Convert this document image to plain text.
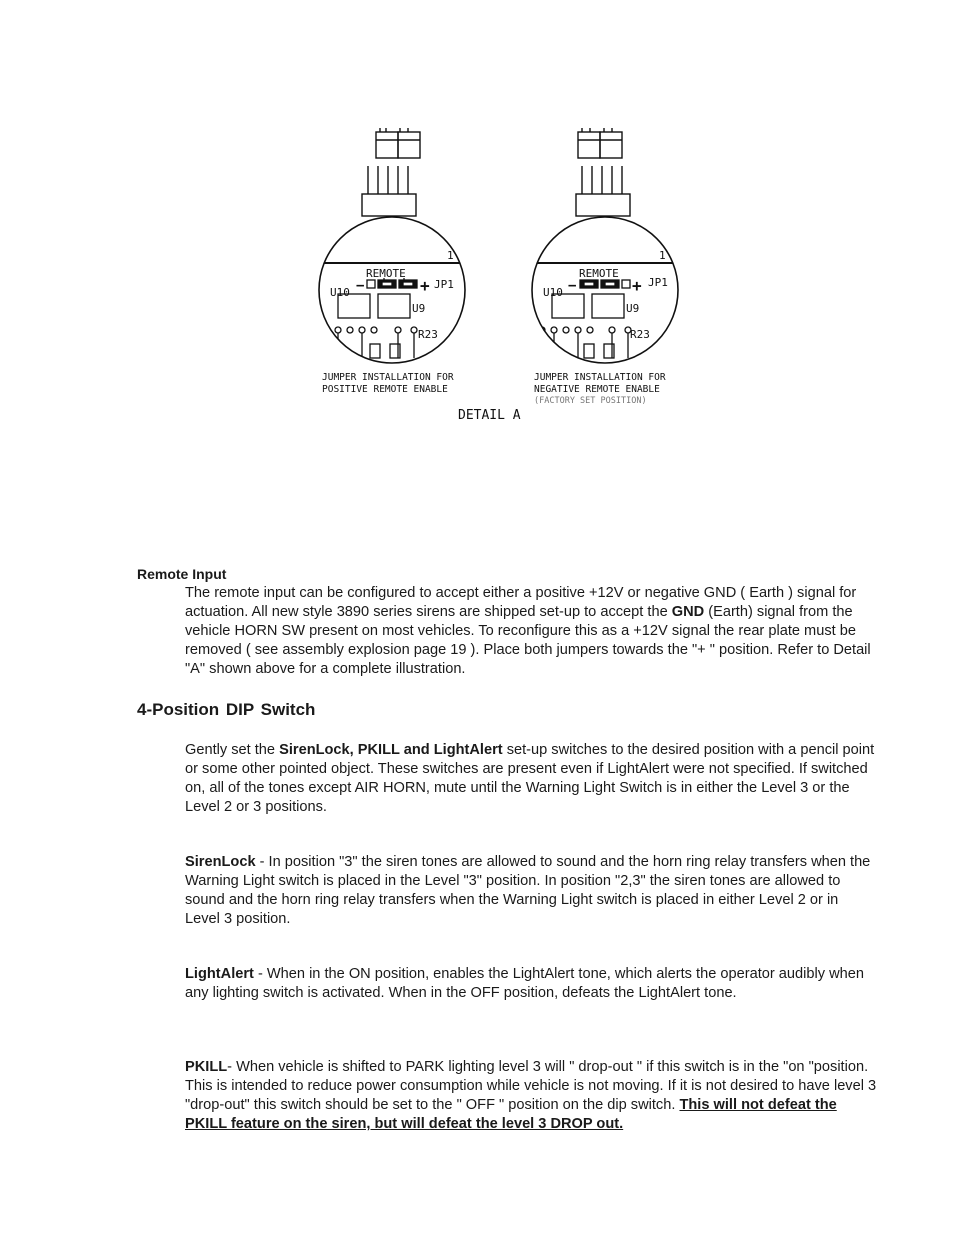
1
REMOTE
JP1
U10
U9
R23
−	+
JUMPER INSTALLATION FOR
POSITIVE REMOTE ENABLE
1
REMOTE
JP1
U10
U9
R23
−	+
JUMPER INSTALLATION FOR
NEGATIVE REMOTE ENABLE
(FACTORY SET POSITION)
DETAIL A
Remote Input

The remote input can be configured to accept either a positive +12V or negative GND ( Earth ) signal for actuation. All new style 3890 series sirens are shipped set-up to accept the GND (Earth) signal from the vehicle HORN SW present on most vehicles. To reconfigure this as a +12V signal the rear plate must be removed ( see assembly explosion page 19 ). Place both jumpers towards the "+ " position. Refer to Detail "A" shown above for a complete illustration.

4-Position DIP Switch

Gently set the SirenLock, PKILL and LightAlert set-up switches to the desired position with a pencil point or some other pointed object. These switches are present even if LightAlert were not specified. If switched on, all of the tones except AIR HORN, mute until the Warning Light Switch is in either the Level 3 or the Level 2 or 3 positions.

SirenLock - In position "3" the siren tones are allowed to sound and the horn ring relay transfers when the Warning Light switch is placed in the Level "3" position. In position "2,3" the siren tones are allowed to sound and the horn ring relay transfers when the Warning Light switch is placed in either Level 2 or in Level 3 position.

LightAlert - When in the ON position, enables the LightAlert tone, which alerts the operator audibly when any lighting switch is activated. When in the OFF position, defeats the LightAlert tone.

PKILL- When vehicle is shifted to PARK lighting level 3 will " drop-out " if this switch is in the "on "position. This is intended to reduce power consumption while vehicle is not moving. If it is not desired to have level 3 "drop-out" this switch should be set to the " OFF " position on the dip switch. This will not defeat the PKILL feature on the siren, but will defeat the level 3 DROP out.
